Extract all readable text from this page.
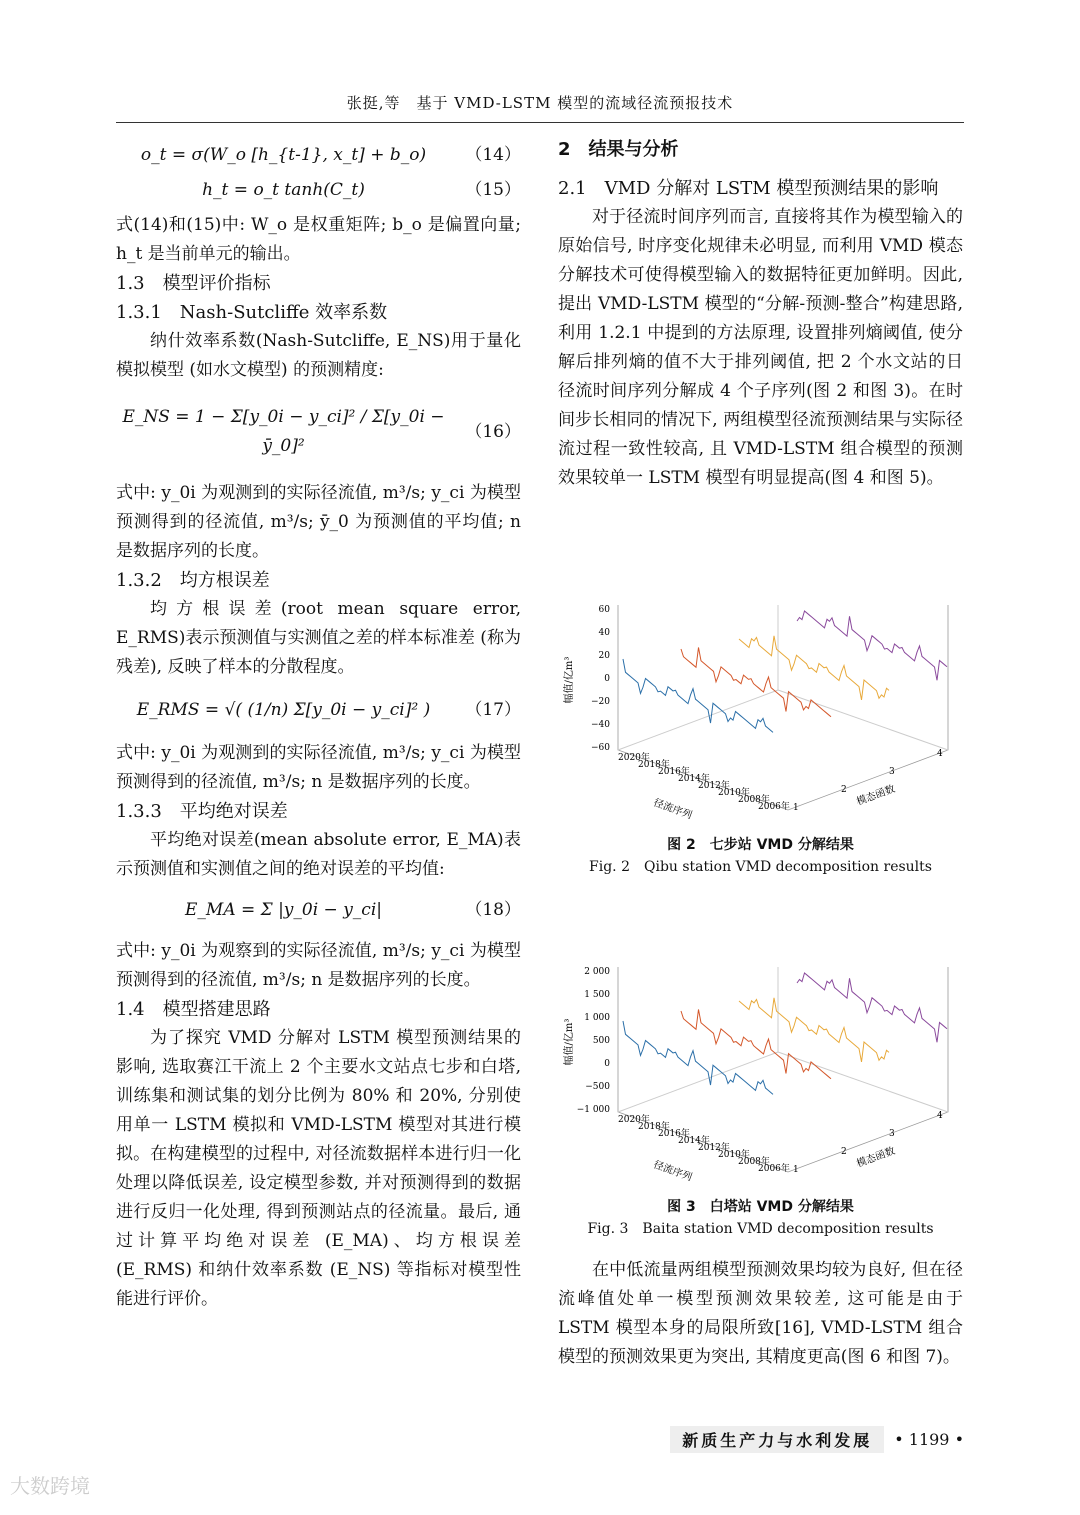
张挺,等　基于 VMD-LSTM 模型的流域径流预报技术
o_t = σ(W_o [h_{t-1}, x_t] + b_o)	（14）
h_t = o_t tanh(C_t)	（15）

式(14)和(15)中: W_o 是权重矩阵; b_o 是偏置向量; h_t 是当前单元的输出。

1.3　模型评价指标

1.3.1　Nash-Sutcliffe 效率系数

纳什效率系数(Nash-Sutcliffe, E_NS)用于量化模拟模型 (如水文模型) 的预测精度:

E_NS = 1 − Σ[y_0i − y_ci]² / Σ[y_0i − ȳ_0]²
（16）

式中: y_0i 为观测到的实际径流值, m³/s; y_ci 为模型预测得到的径流值, m³/s; ȳ_0 为预测值的平均值; n 是数据序列的长度。

1.3.2　均方根误差

均方根误差(root mean square error, E_RMS)表示预测值与实测值之差的样本标准差 (称为残差), 反映了样本的分散程度。

E_RMS = √( (1/n) Σ[y_0i − y_ci]² )	（17）

式中: y_0i 为观测到的实际径流值, m³/s; y_ci 为模型预测得到的径流值, m³/s; n 是数据序列的长度。

1.3.3　平均绝对误差

平均绝对误差(mean absolute error, E_MA)表示预测值和实测值之间的绝对误差的平均值:

E_MA = Σ |y_0i − y_ci|	（18）

式中: y_0i 为观察到的实际径流值, m³/s; y_ci 为模型预测得到的径流值, m³/s; n 是数据序列的长度。

1.4　模型搭建思路

为了探究 VMD 分解对 LSTM 模型预测结果的影响, 选取赛江干流上 2 个主要水文站点七步和白塔, 训练集和测试集的划分比例为 80% 和 20%, 分别使用单一 LSTM 模拟和 VMD-LSTM 模型对其进行模拟。在构建模型的过程中, 对径流数据样本进行归一化处理以降低误差, 设定模型参数, 并对预测得到的数据进行反归一化处理, 得到预测站点的径流量。最后, 通过计算平均绝对误差 (E_MA)、均方根误差 (E_RMS) 和纳什效率系数 (E_NS) 等指标对模型性能进行评价。

2　结果与分析

2.1　VMD 分解对 LSTM 模型预测结果的影响

对于径流时间序列而言, 直接将其作为模型输入的原始信号, 时序变化规律未必明显, 而利用 VMD 模态分解技术可使得模型输入的数据特征更加鲜明。因此, 提出 VMD-LSTM 模型的“分解-预测-整合”构建思路, 利用 1.2.1 中提到的方法原理, 设置排列熵阈值, 使分解后排列熵的值不大于排列阈值, 把 2 个水文站的日径流时间序列分解成 4 个子序列(图 2 和图 3)。在时间步长相同的情况下, 两组模型径流预测结果与实际径流过程一致性较高, 且 VMD-LSTM 组合模型的预测效果较单一 LSTM 模型有明显提高(图 4 和图 5)。

60
40
20
0
−20
−40
−60
幅值/亿m³
2020年
2018年
2016年
2014年
2012年
2010年
2008年
2006年
径流序列	1
2
3
4
模态函数
图 2　七步站 VMD 分解结果
Fig. 2　Qibu station VMD decomposition results
2 000
1 500
1 000
500
0
−500
−1 000
幅值/亿m³
2020年
2018年
2016年
2014年
2012年
2010年
2008年
2006年
径流序列	1
2
3
4
模态函数
图 3　白塔站 VMD 分解结果
Fig. 3　Baita station VMD decomposition results

在中低流量两组模型预测效果均较为良好, 但在径流峰值处单一模型预测效果较差, 这可能是由于 LSTM 模型本身的局限所致[16], VMD-LSTM 组合模型的预测效果更为突出, 其精度更高(图 6 和图 7)。

新质生产力与水利发展	• 1199 •
大数跨境
